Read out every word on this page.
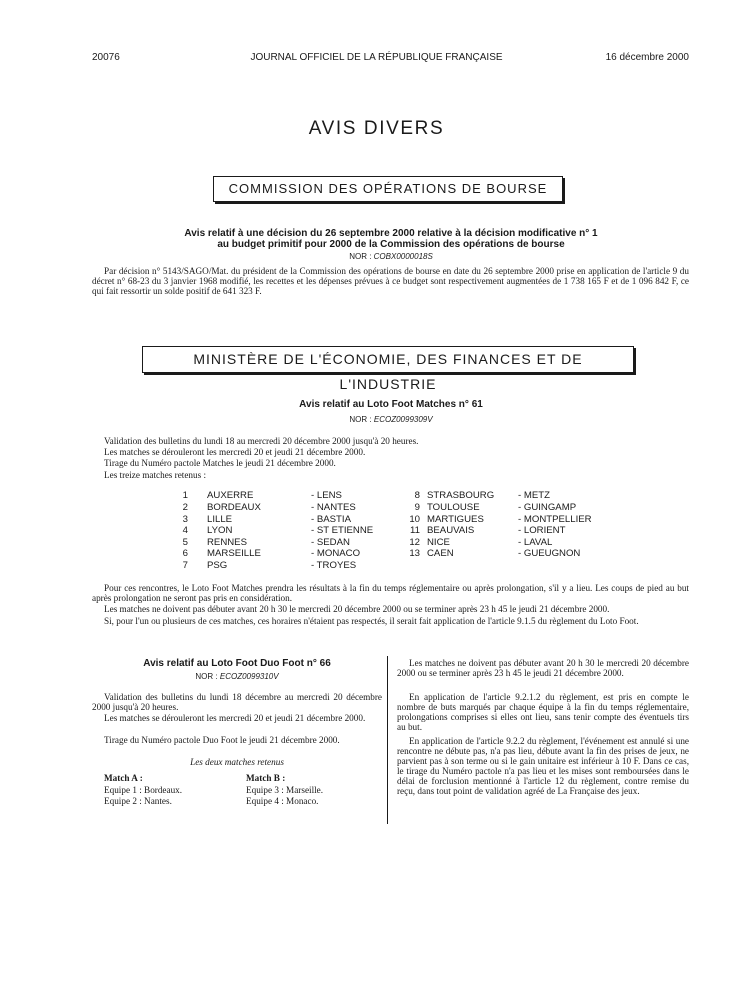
20076	JOURNAL OFFICIEL DE LA RÉPUBLIQUE FRANÇAISE	16 décembre 2000
AVIS DIVERS
COMMISSION DES OPÉRATIONS DE BOURSE
Avis relatif à une décision du 26 septembre 2000 relative à la décision modificative n° 1
au budget primitif pour 2000 de la Commission des opérations de bourse
NOR : COBX0000018S
Par décision n° 5143/SAGO/Mat. du président de la Commission des opérations de bourse en date du 26 septembre 2000 prise en application de l'article 9 du décret n° 68-23 du 3 janvier 1968 modifié, les recettes et les dépenses prévues à ce budget sont respectivement augmentées de 1 738 165 F et de 1 096 842 F, ce qui fait ressortir un solde positif de 641 323 F.
MINISTÈRE DE L'ÉCONOMIE, DES FINANCES ET DE L'INDUSTRIE
Avis relatif au Loto Foot Matches n° 61
NOR : ECOZ0099309V
Validation des bulletins du lundi 18 au mercredi 20 décembre 2000 jusqu'à 20 heures.
Les matches se dérouleront les mercredi 20 et jeudi 21 décembre 2000.
Tirage du Numéro pactole Matches le jeudi 21 décembre 2000.
Les treize matches retenus :
1 AUXERRE	- LENS
2 BORDEAUX	- NANTES
3 LILLE	- BASTIA
4 LYON	- ST ETIENNE
5 RENNES	- SEDAN
6 MARSEILLE	- MONACO
7 PSG	- TROYES
8 STRASBOURG - METZ
9 TOULOUSE	- GUINGAMP
10 MARTIGUES	- MONTPELLIER
11 BEAUVAIS	- LORIENT
12 NICE	- LAVAL
13 CAEN	- GUEUGNON
Pour ces rencontres, le Loto Foot Matches prendra les résultats à la fin du temps réglementaire ou après prolongation, s'il y a lieu. Les coups de pied au but après prolongation ne seront pas pris en considération.
Les matches ne doivent pas débuter avant 20 h 30 le mercredi 20 décembre 2000 ou se terminer après 23 h 45 le jeudi 21 décembre 2000.
Si, pour l'un ou plusieurs de ces matches, ces horaires n'étaient pas respectés, il serait fait application de l'article 9.1.5 du règlement du Loto Foot.
Avis relatif au Loto Foot Duo Foot n° 66
NOR : ECOZ0099310V
Validation des bulletins du lundi 18 décembre au mercredi 20 décembre 2000 jusqu'à 20 heures.
Les matches se dérouleront les mercredi 20 et jeudi 21 décembre 2000.
Tirage du Numéro pactole Duo Foot le jeudi 21 décembre 2000.
Les deux matches retenus
Match A :
Equipe 1 : Bordeaux.
Equipe 2 : Nantes.
Match B :
Equipe 3 : Marseille.
Equipe 4 : Monaco.
Les matches ne doivent pas débuter avant 20 h 30 le mercredi 20 décembre 2000 ou se terminer après 23 h 45 le jeudi 21 décembre 2000.
En application de l'article 9.2.1.2 du règlement, est pris en compte le nombre de buts marqués par chaque équipe à la fin du temps réglementaire, prolongations comprises si elles ont lieu, sans tenir compte des éventuels tirs au but.
En application de l'article 9.2.2 du règlement, l'événement est annulé si une rencontre ne débute pas, n'a pas lieu, débute avant la fin des prises de jeux, ne parvient pas à son terme ou si le gain unitaire est inférieur à 10 F. Dans ce cas, le tirage du Numéro pactole n'a pas lieu et les mises sont remboursées dans le délai de forclusion mentionné à l'article 12 du règlement, contre remise du reçu, dans tout point de validation agréé de La Française des jeux.
